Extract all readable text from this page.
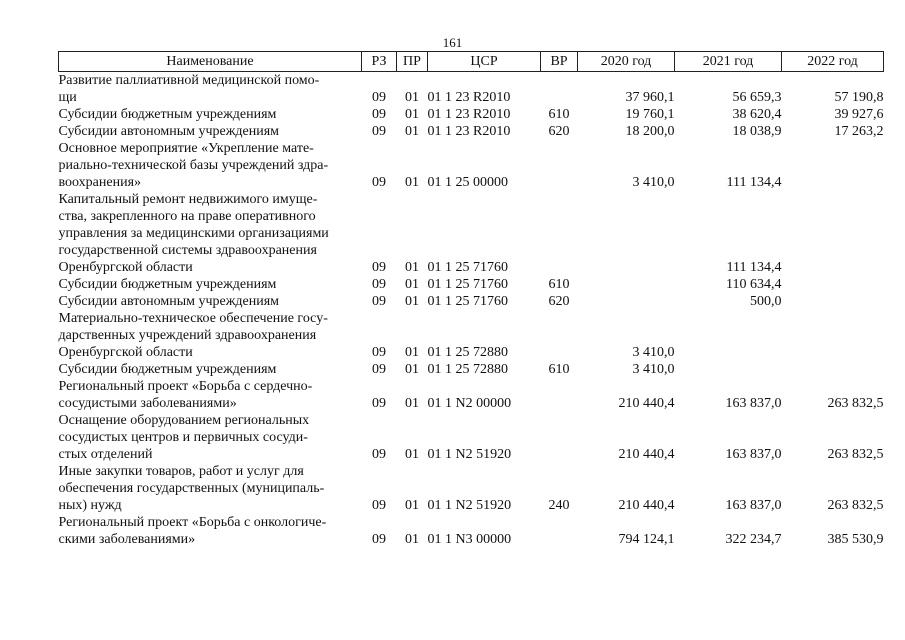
161
Наименование	РЗ	ПР	ЦСР	ВР	2020 год	2021 год	2022 год

Развитие паллиативной медицинской помо-
щи	09	01	01 1 23 R2010		37 960,1	56 659,3	57 190,8

Субсидии бюджетным учреждениям	09	01	01 1 23 R2010	610	19 760,1	38 620,4	39 927,6

Субсидии автономным учреждениям	09	01	01 1 23 R2010	620	18 200,0	18 038,9	17 263,2

Основное мероприятие «Укрепление мате-
риально-технической базы учреждений здра-
воохранения»	09	01	01 1 25 00000		3 410,0	111 134,4	

Капитальный ремонт недвижимого имуще-
ства, закрепленного на праве оперативного
управления за медицинскими организациями
государственной системы здравоохранения
Оренбургской области	09	01	01 1 25 71760			111 134,4	

Субсидии бюджетным учреждениям	09	01	01 1 25 71760	610		110 634,4	

Субсидии автономным учреждениям	09	01	01 1 25 71760	620		500,0	

Материально-техническое обеспечение госу-
дарственных учреждений здравоохранения
Оренбургской области	09	01	01 1 25 72880		3 410,0		

Субсидии бюджетным учреждениям	09	01	01 1 25 72880	610	3 410,0		

Региональный проект «Борьба с сердечно-
сосудистыми заболеваниями»	09	01	01 1 N2 00000		210 440,4	163 837,0	263 832,5

Оснащение оборудованием региональных
сосудистых центров и первичных сосуди-
стых отделений	09	01	01 1 N2 51920		210 440,4	163 837,0	263 832,5

Иные закупки товаров, работ и услуг для
обеспечения государственных (муниципаль-
ных) нужд	09	01	01 1 N2 51920	240	210 440,4	163 837,0	263 832,5

Региональный проект «Борьба с онкологиче-
скими заболеваниями»	09	01	01 1 N3 00000		794 124,1	322 234,7	385 530,9
